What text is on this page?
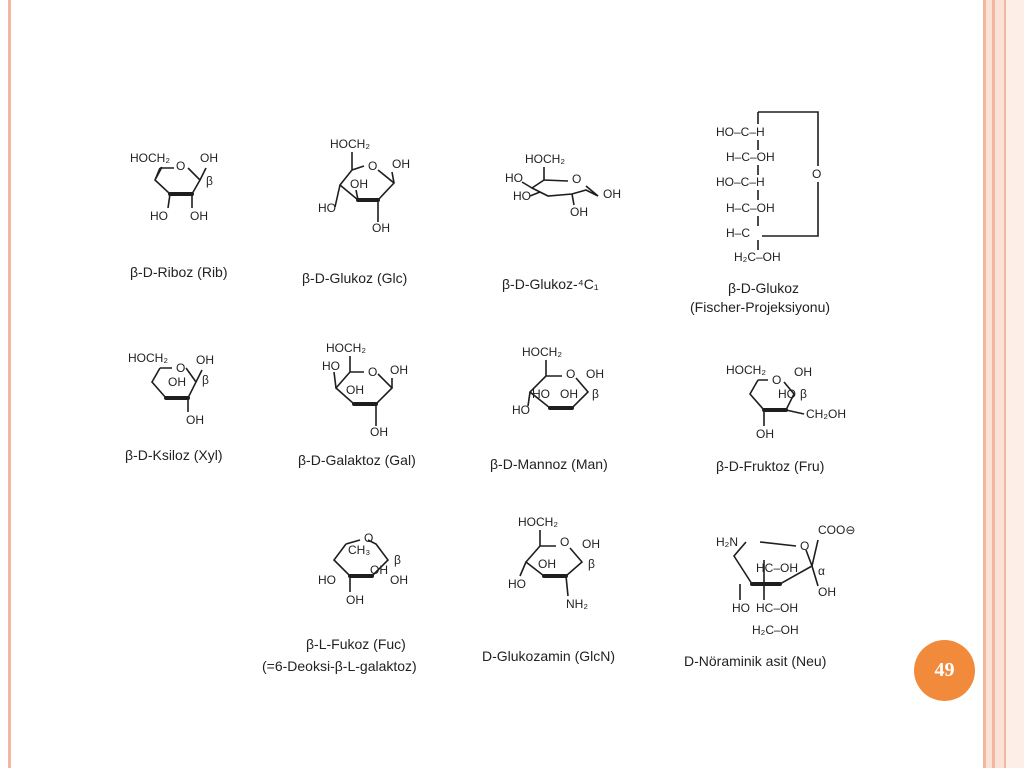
HOCH₂	OH
β
HO OH
O
β-D-Riboz (Rib)
HOCH₂
OH
OH
HO
OH
O
β-D-Glukoz (Glc)
HOCH₂
HO
HO	OH
OH
O
β-D-Glukoz-⁴C₁
HO–C–H
H–C–OH
HO–C–H
H–C–OH
H–C
H₂C–OH
O
β-D-Glukoz
(Fischer-Projeksiyonu)
HOCH₂ OH
OH β
OH
O
β-D-Ksiloz (Xyl)
HOCH₂
HO	OH
OH
OH
O
β-D-Galaktoz (Gal)
HOCH₂
OH
HO
HO
OH β
O
β-D-Mannoz (Man)
HOCH₂ OH
HO
CH₂OH
OH
β
O
β-D-Fruktoz (Fru)
CH₃
OH
HO	OH
OH
β
O
β-L-Fukoz (Fuc)
(=6-Deoksi-β-L-galaktoz)
HOCH₂
OH
OH
HO
NH₂
β
O
D-Glukozamin (GlcN)
COO⊖
H₂N
HC–OH
OH
HO HC–OH
H₂C–OH
α
O
D-Nöraminik asit (Neu)	49
